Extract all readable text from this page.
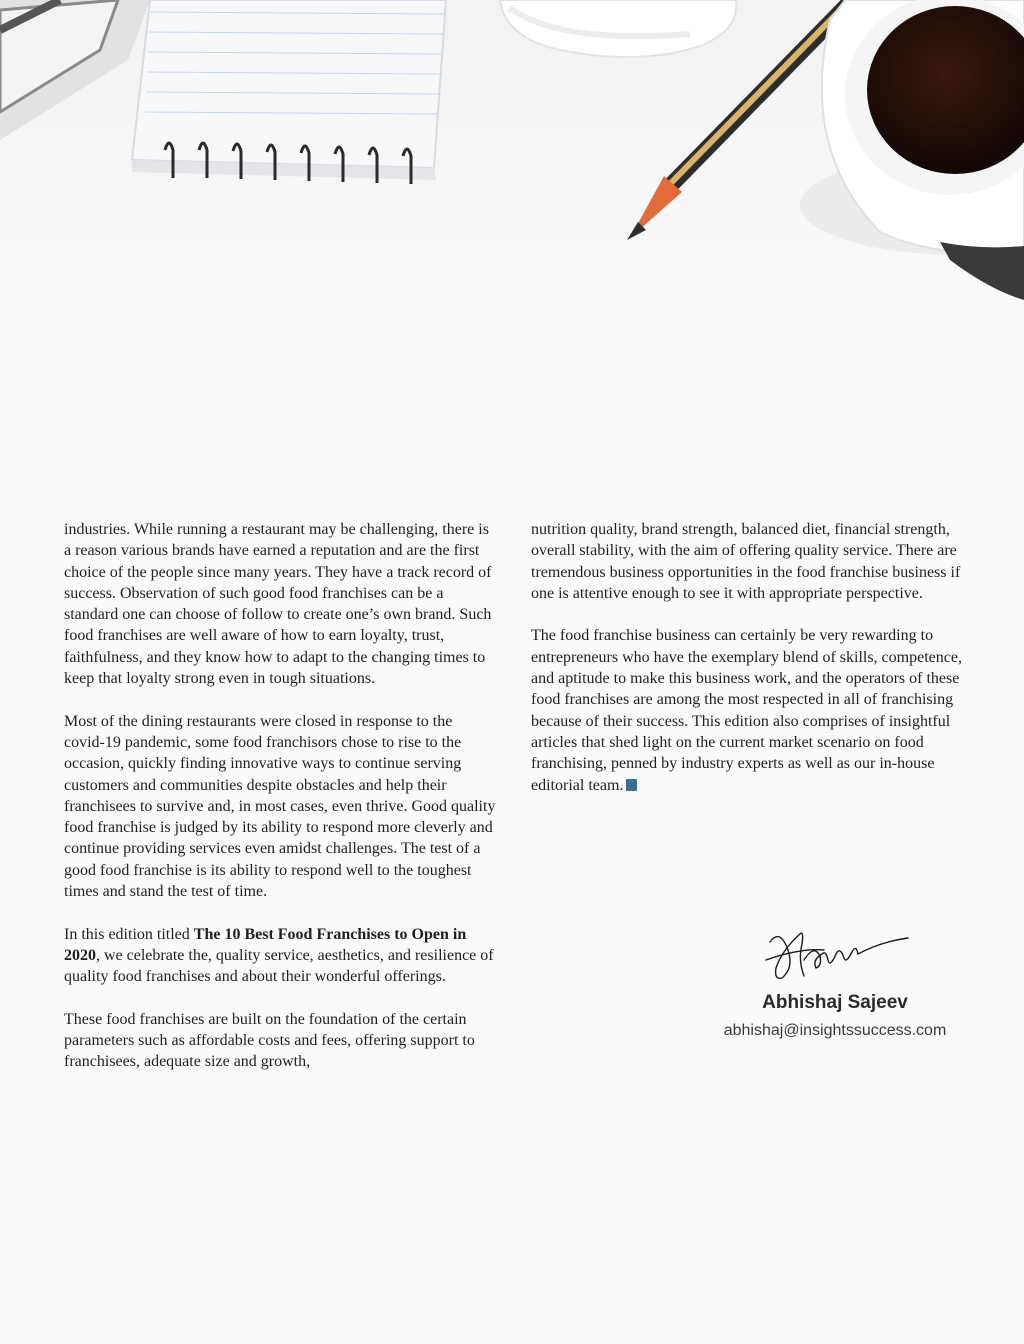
industries. While running a restaurant may be challenging, there is a reason various brands have earned a reputation and are the first choice of the people since many years. They have a track record of success. Observation of such good food franchises can be a standard one can choose of follow to create one’s own brand. Such food franchises are well aware of how to earn loyalty, trust, faithfulness, and they know how to adapt to the changing times to keep that loyalty strong even in tough situations.

Most of the dining restaurants were closed in response to the covid-19 pandemic, some food franchisors chose to rise to the occasion, quickly finding innovative ways to continue serving customers and communities despite obstacles and help their franchisees to survive and, in most cases, even thrive. Good quality food franchise is judged by its ability to respond more cleverly and continue providing services even amidst challenges. The test of a good food franchise is its ability to respond well to the toughest times and stand the test of time.

In this edition titled The 10 Best Food Franchises to Open in 2020, we celebrate the, quality service, aesthetics, and resilience of quality food franchises and about their wonderful offerings.

These food franchises are built on the foundation of the certain parameters such as affordable costs and fees, offering support to franchisees, adequate size and growth,

nutrition quality, brand strength, balanced diet, financial strength, overall stability, with the aim of offering quality service. There are tremendous business opportunities in the food franchise business if one is attentive enough to see it with appropriate perspective.

The food franchise business can certainly be very rewarding to entrepreneurs who have the exemplary blend of skills, competence, and aptitude to make this business work, and the operators of these food franchises are among the most respected in all of franchising because of their success. This edition also comprises of insightful articles that shed light on the current market scenario on food franchising, penned by industry experts as well as our in-house editorial team.

Abhishaj Sajeev
abhishaj@insightssuccess.com
